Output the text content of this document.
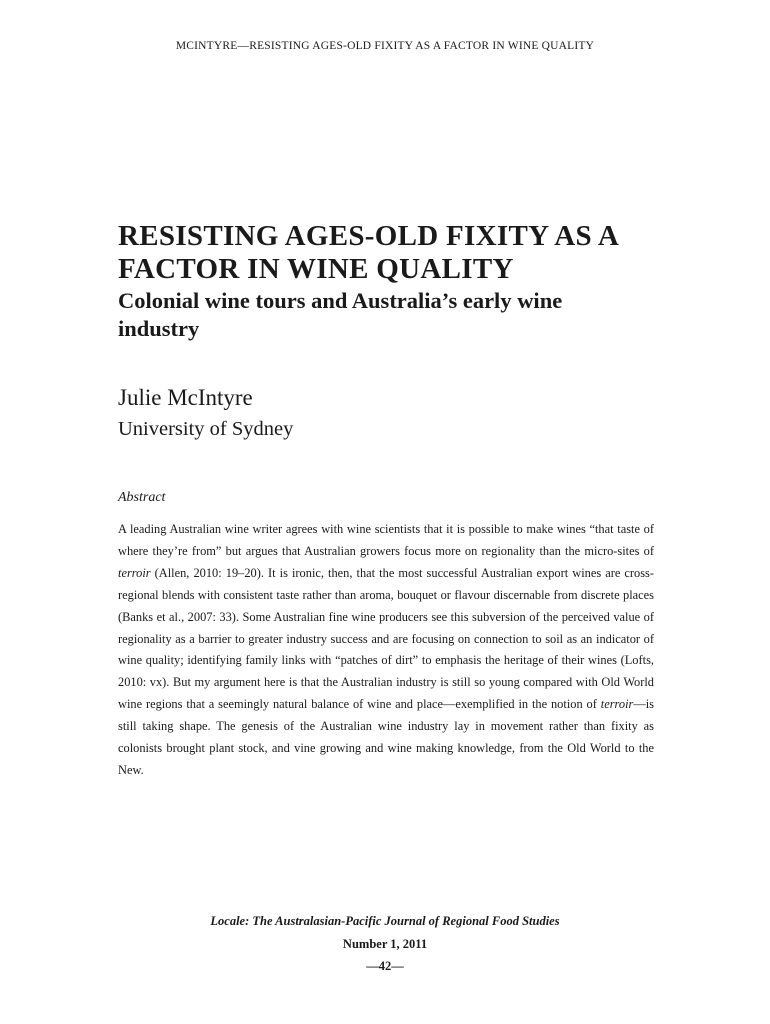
MCINTYRE—RESISTING AGES-OLD FIXITY AS A FACTOR IN WINE QUALITY
RESISTING AGES-OLD FIXITY AS A
FACTOR IN WINE QUALITY
Colonial wine tours and Australia’s early wine
industry
Julie McIntyre
University of Sydney
Abstract

A leading Australian wine writer agrees with wine scientists that it is possible to make wines “that taste of where they’re from” but argues that Australian growers focus more on regionality than the micro-sites of terroir (Allen, 2010: 19–20). It is ironic, then, that the most successful Australian export wines are cross-regional blends with consistent taste rather than aroma, bouquet or flavour discernable from discrete places (Banks et al., 2007: 33). Some Australian fine wine producers see this subversion of the perceived value of regionality as a barrier to greater industry success and are focusing on connection to soil as an indicator of wine quality; identifying family links with “patches of dirt” to emphasis the heritage of their wines (Lofts, 2010: vx). But my argument here is that the Australian industry is still so young compared with Old World wine regions that a seemingly natural balance of wine and place—exemplified in the notion of terroir—is still taking shape. The genesis of the Australian wine industry lay in movement rather than fixity as colonists brought plant stock, and vine growing and wine making knowledge, from the Old World to the New.

Locale: The Australasian-Pacific Journal of Regional Food Studies
Number 1, 2011
—42—
